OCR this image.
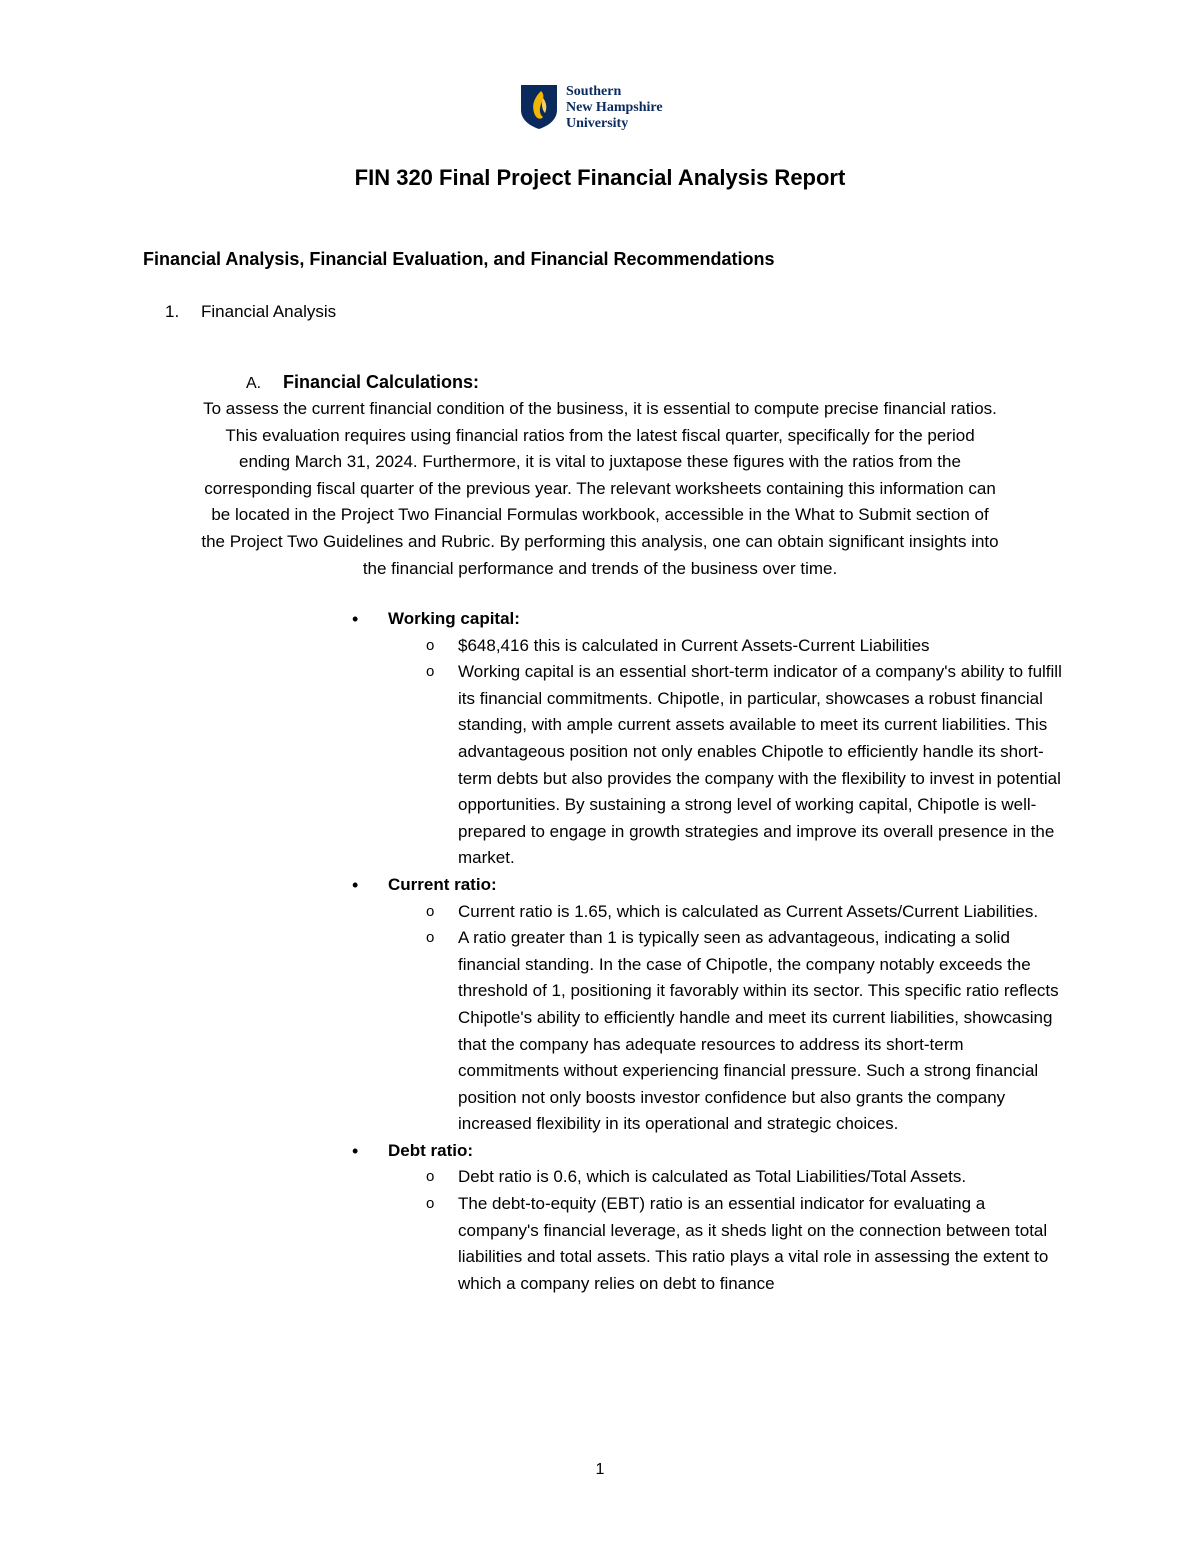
Southern
New Hampshire
University
FIN 320 Final Project Financial Analysis Report
Financial Analysis, Financial Evaluation, and Financial Recommendations
1. Financial Analysis
A. Financial Calculations:
To assess the current financial condition of the business, it is essential to compute precise financial ratios. This evaluation requires using financial ratios from the latest fiscal quarter, specifically for the period ending March 31, 2024. Furthermore, it is vital to juxtapose these figures with the ratios from the corresponding fiscal quarter of the previous year. The relevant worksheets containing this information can be located in the Project Two Financial Formulas workbook, accessible in the What to Submit section of the Project Two Guidelines and Rubric. By performing this analysis, one can obtain significant insights into the financial performance and trends of the business over time.
• Working capital:
o $648,416 this is calculated in Current Assets-Current Liabilities
o Working capital is an essential short-term indicator of a company's ability to fulfill its financial commitments. Chipotle, in particular, showcases a robust financial standing, with ample current assets available to meet its current liabilities. This advantageous position not only enables Chipotle to efficiently handle its short-term debts but also provides the company with the flexibility to invest in potential opportunities. By sustaining a strong level of working capital, Chipotle is well-prepared to engage in growth strategies and improve its overall presence in the market.
• Current ratio:
o Current ratio is 1.65, which is calculated as Current Assets/Current Liabilities.
o A ratio greater than 1 is typically seen as advantageous, indicating a solid financial standing. In the case of Chipotle, the company notably exceeds the threshold of 1, positioning it favorably within its sector. This specific ratio reflects Chipotle's ability to efficiently handle and meet its current liabilities, showcasing that the company has adequate resources to address its short-term commitments without experiencing financial pressure. Such a strong financial position not only boosts investor confidence but also grants the company increased flexibility in its operational and strategic choices.
• Debt ratio:
o Debt ratio is 0.6, which is calculated as Total Liabilities/Total Assets.
o The debt-to-equity (EBT) ratio is an essential indicator for evaluating a company's financial leverage, as it sheds light on the connection between total liabilities and total assets. This ratio plays a vital role in assessing the extent to which a company relies on debt to finance
1
